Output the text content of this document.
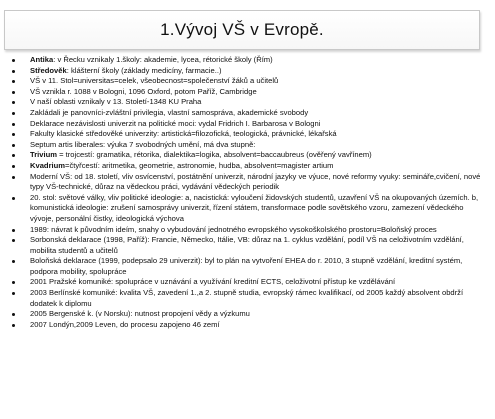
1.Vývoj VŠ v Evropě.
Antika: v Řecku vznikaly 1.školy: akademie, lycea, rétorické školy (Řím)
Středověk: klášterní školy (základy medicíny, farmacie..)
VŠ v 11. Stol=universitas=celek, všeobecnost=společenství žáků a učitelů
VŠ vznikla r. 1088 v Bologni, 1096 Oxford, potom Paříž, Cambridge
V naší oblasti vznikaly v 13. Století-1348 KU Praha
Zakládali je panovníci-zvláštní privilegia, vlastní samospráva, akademické svobody
Deklarace nezávislosti univerzit na politické moci: vydal Fridrich I. Barbarosa v Bologni
Fakulty klasické středověké univerzity: artistická=filozofická, teologická, právnické, lékařská
Septum artis liberales: výuka 7 svobodných umění, má dva stupně:
Trivium = trojcestí: gramatika, rétorika, dialektika=logika, absolvent=baccaubreus (ověřený vavřínem)
Kvadrium=čtyřcestí: aritmetika, geometrie, astronomie, hudba, absolvent=magister artium
Moderní VŠ: od 18. století, vliv osvícenství, postátnění univerzit, národní jazyky ve výuce, nové reformy vyuky: semináře,cvičení, nové typy VŠ-technické, důraz na vědeckou práci, vydávání vědeckých periodik
20. stol: světové války, vliv politické ideologie: a, nacistická: vyloučení židovských studentů, uzavření VŠ na okupovaných územích. b, komunistická ideologie: zrušení samosprávy univerzit, řízení státem, transformace podle sovětského vzoru, zamezení vědeckého vývoje, personální čistky, ideologická výchova
1989: návrat k původním ideím, snahy o vybudování jednotného evropského vysokoškolského prostoru=Boloňský proces
Sorbonská deklarace (1998, Paříž): Francie, Německo, Itálie, VB: důraz na 1. cyklus vzdělání, podíl VŠ na celoživotním vzdělání, mobilita studentů a učitelů
Boloňská deklarace (1999, podepsalo 29 univerzit): byl to plán na vytvoření EHEA do r. 2010, 3 stupně vzdělání, kreditní systém, podpora mobility, spolupráce
2001 Pražské komuniké: spolupráce v uznávání a využívání kreditní ECTS, celoživotní přístup ke vzdělávání
2003 Berlínské komuniké: kvalita VŠ, zavedení 1.,a 2. stupně studia, evropský rámec kvalifikací, od 2005 každý absolvent obdrží dodatek k diplomu
2005 Bergenské k. (v Norsku): nutnost propojení vědy a výzkumu
2007 Londýn,2009 Leven, do procesu zapojeno 46 zemí
